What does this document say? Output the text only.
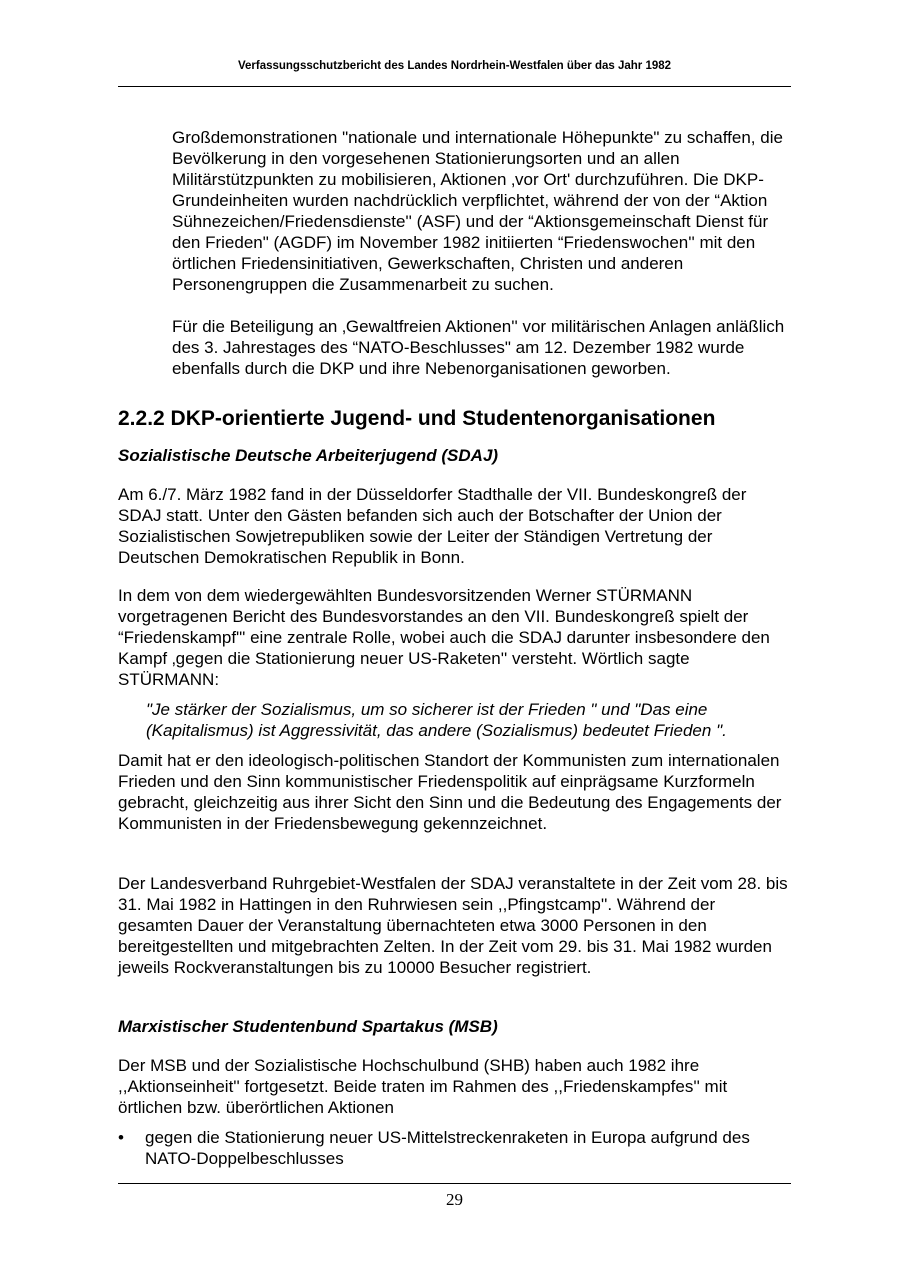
Verfassungsschutzbericht des Landes Nordrhein-Westfalen über das Jahr 1982

Großdemonstrationen "nationale und internationale Höhepunkte" zu schaffen, die Bevölkerung in den vorgesehenen Stationierungsorten und an allen Militärstützpunkten zu mobilisieren, Aktionen ‚vor Ort' durchzuführen. Die DKP-Grundeinheiten wurden nachdrücklich verpflichtet, während der von der “Aktion Sühnezeichen/Friedensdienste'' (ASF) und der “Aktionsgemeinschaft Dienst für den Frieden" (AGDF) im November 1982 initiierten “Friedenswochen'' mit den örtlichen Friedensinitiativen, Gewerkschaften, Christen und anderen Personengruppen die Zusammenarbeit zu suchen.

Für die Beteiligung an ‚Gewaltfreien Aktionen'' vor militärischen Anlagen anläßlich des 3. Jahrestages des “NATO-Beschlusses" am 12. Dezember 1982 wurde ebenfalls durch die DKP und ihre Nebenorganisationen geworben.

2.2.2 DKP-orientierte Jugend- und Studentenorganisationen
Sozialistische Deutsche Arbeiterjugend (SDAJ)

Am 6./7. März 1982 fand in der Düsseldorfer Stadthalle der VII. Bundeskongreß der SDAJ statt. Unter den Gästen befanden sich auch der Botschafter der Union der Sozialistischen Sowjetrepubliken sowie der Leiter der Ständigen Vertretung der Deutschen Demokratischen Republik in Bonn.

In dem von dem wiedergewählten Bundesvorsitzenden Werner STÜRMANN vorgetragenen Bericht des Bundesvorstandes an den VII. Bundeskongreß spielt der “Friedenskampf"' eine zentrale Rolle, wobei auch die SDAJ darunter insbesondere den Kampf ‚gegen die Stationierung neuer US-Raketen'' versteht. Wörtlich sagte STÜRMANN:

"Je stärker der Sozialismus, um so sicherer ist der Frieden " und "Das eine (Kapitalismus) ist Aggressivität, das andere (Sozialismus) bedeutet Frieden ".

Damit hat er den ideologisch-politischen Standort der Kommunisten zum internationalen Frieden und den Sinn kommunistischer Friedenspolitik auf einprägsame Kurzformeln gebracht, gleichzeitig aus ihrer Sicht den Sinn und die Bedeutung des Engagements der Kommunisten in der Friedensbewegung gekennzeichnet.

Der Landesverband Ruhrgebiet-Westfalen der SDAJ veranstaltete in der Zeit vom 28. bis 31. Mai 1982 in Hattingen in den Ruhrwiesen sein ,,Pfingstcamp''. Während der gesamten Dauer der Veranstaltung übernachteten etwa 3000 Personen in den bereitgestellten und mitgebrachten Zelten. In der Zeit vom 29. bis 31. Mai 1982 wurden jeweils Rockveranstaltungen bis zu 10000 Besucher registriert.

Marxistischer Studentenbund Spartakus (MSB)

Der MSB und der Sozialistische Hochschulbund (SHB) haben auch 1982 ihre ,,Aktionseinheit'' fortgesetzt. Beide traten im Rahmen des ,,Friedenskampfes'' mit örtlichen bzw. überörtlichen Aktionen

• gegen die Stationierung neuer US-Mittelstreckenraketen in Europa aufgrund des NATO-Doppelbeschlusses

29
